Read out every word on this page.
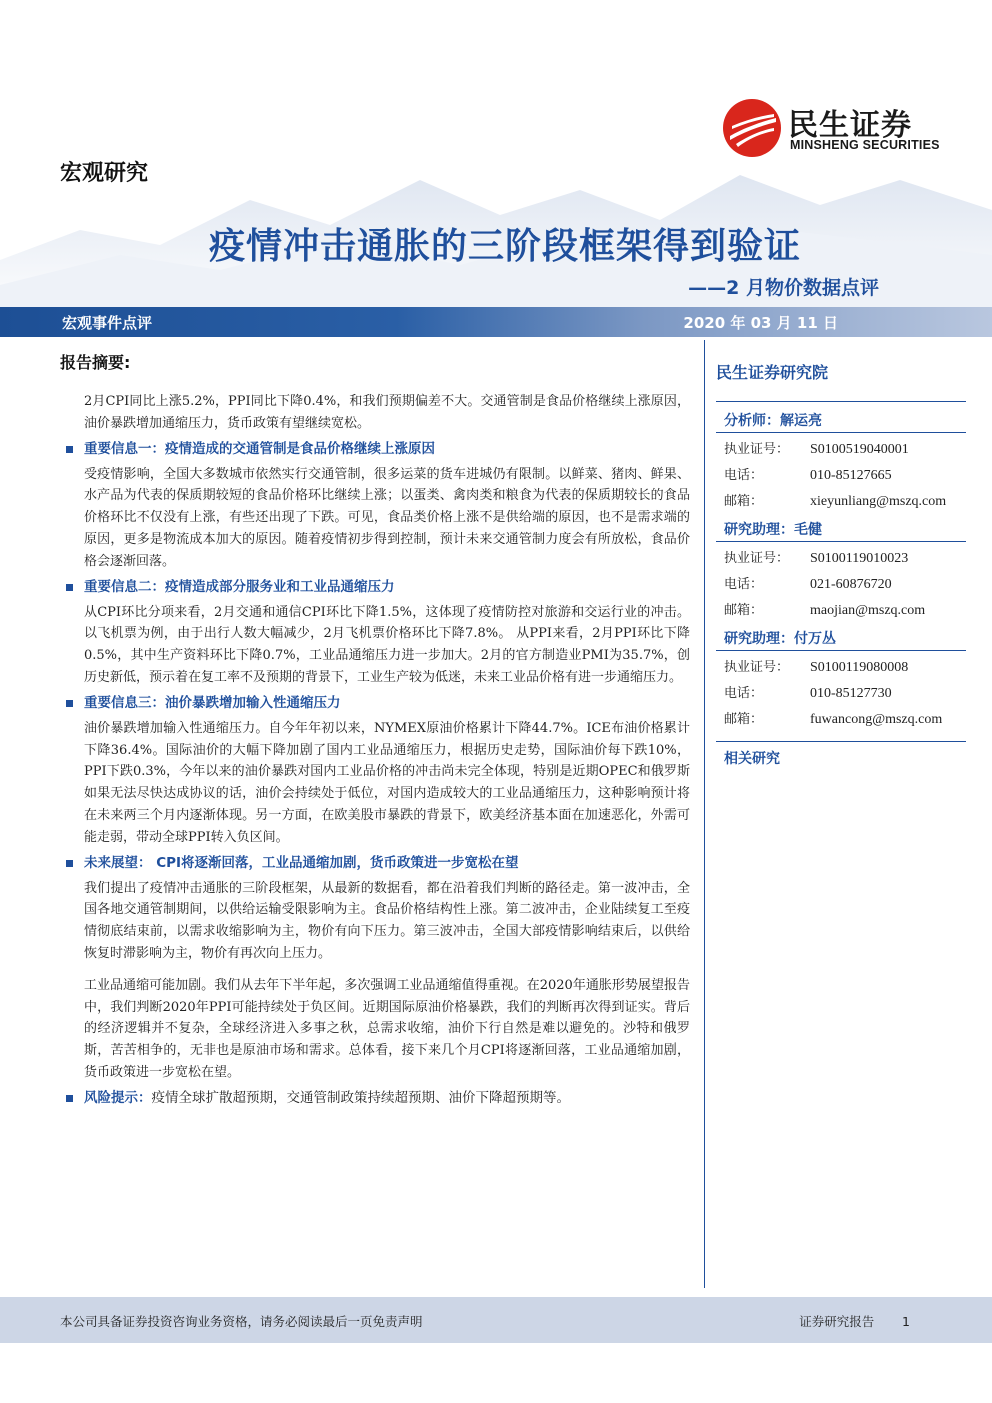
民生证券
MINSHENG SECURITIES
宏观研究
疫情冲击通胀的三阶段框架得到验证
——2 月物价数据点评
宏观事件点评	2020 年 03 月 11 日
报告摘要:

2月CPI同比上涨5.2%，PPI同比下降0.4%，和我们预期偏差不大。交通管制是食品价格继续上涨原因，油价暴跌增加通缩压力，货币政策有望继续宽松。

重要信息一：疫情造成的交通管制是食品价格继续上涨原因

受疫情影响，全国大多数城市依然实行交通管制，很多运菜的货车进城仍有限制。以鲜菜、猪肉、鲜果、水产品为代表的保质期较短的食品价格环比继续上涨；以蛋类、禽肉类和粮食为代表的保质期较长的食品价格环比不仅没有上涨，有些还出现了下跌。可见，食品类价格上涨不是供给端的原因，也不是需求端的原因，更多是物流成本加大的原因。随着疫情初步得到控制，预计未来交通管制力度会有所放松，食品价格会逐渐回落。

重要信息二：疫情造成部分服务业和工业品通缩压力

从CPI环比分项来看，2月交通和通信CPI环比下降1.5%，这体现了疫情防控对旅游和交运行业的冲击。以飞机票为例，由于出行人数大幅减少，2月飞机票价格环比下降7.8%。 从PPI来看，2月PPI环比下降0.5%，其中生产资料环比下降0.7%，工业品通缩压力进一步加大。2月的官方制造业PMI为35.7%，创历史新低，预示着在复工率不及预期的背景下，工业生产较为低迷，未来工业品价格有进一步通缩压力。

重要信息三：油价暴跌增加输入性通缩压力

油价暴跌增加输入性通缩压力。自今年年初以来，NYMEX原油价格累计下降44.7%。ICE布油价格累计下降36.4%。国际油价的大幅下降加剧了国内工业品通缩压力，根据历史走势，国际油价每下跌10%，PPI下跌0.3%，今年以来的油价暴跌对国内工业品价格的冲击尚未完全体现，特别是近期OPEC和俄罗斯如果无法尽快达成协议的话，油价会持续处于低位，对国内造成较大的工业品通缩压力，这种影响预计将在未来两三个月内逐渐体现。另一方面，在欧美股市暴跌的背景下，欧美经济基本面在加速恶化，外需可能走弱，带动全球PPI转入负区间。

未来展望： CPI将逐渐回落，工业品通缩加剧，货币政策进一步宽松在望

我们提出了疫情冲击通胀的三阶段框架，从最新的数据看，都在沿着我们判断的路径走。第一波冲击，全国各地交通管制期间，以供给运输受限影响为主。食品价格结构性上涨。第二波冲击，企业陆续复工至疫情彻底结束前，以需求收缩影响为主，物价有向下压力。第三波冲击，全国大部疫情影响结束后，以供给恢复时滞影响为主，物价有再次向上压力。

工业品通缩可能加剧。我们从去年下半年起，多次强调工业品通缩值得重视。在2020年通胀形势展望报告中，我们判断2020年PPI可能持续处于负区间。近期国际原油价格暴跌，我们的判断再次得到证实。背后的经济逻辑并不复杂，全球经济进入多事之秋，总需求收缩，油价下行自然是难以避免的。沙特和俄罗斯，苦苦相争的，无非也是原油市场和需求。总体看，接下来几个月CPI将逐渐回落，工业品通缩加剧，货币政策进一步宽松在望。

风险提示：疫情全球扩散超预期，交通管制政策持续超预期、油价下降超预期等。
民生证券研究院
分析师：解运亮
执业证号：	S0100519040001
电话：	010-85127665
邮箱：	xieyunliang@mszq.com
研究助理：毛健
执业证号：	S0100119010023
电话：	021-60876720
邮箱：	maojian@mszq.com
研究助理：付万丛
执业证号：	S0100119080008
电话：	010-85127730
邮箱：	fuwancong@mszq.com
相关研究
本公司具备证券投资咨询业务资格，请务必阅读最后一页免责声明	证券研究报告 1
